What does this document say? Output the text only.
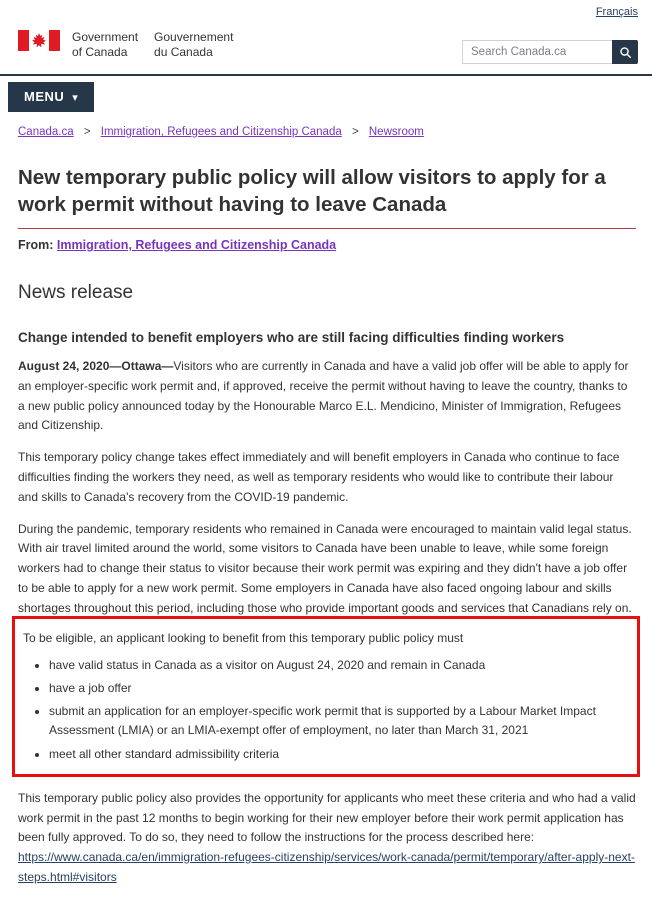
Français
Government
of Canada
Gouvernement
du Canada
Search Canada.ca
MENU ▾
Canada.ca > Immigration, Refugees and Citizenship Canada > Newsroom
New temporary public policy will allow visitors to apply for a work permit without having to leave Canada

From: Immigration, Refugees and Citizenship Canada

News release
Change intended to benefit employers who are still facing difficulties finding workers

August 24, 2020—Ottawa—Visitors who are currently in Canada and have a valid job offer will be able to apply for an employer-specific work permit and, if approved, receive the permit without having to leave the country, thanks to a new public policy announced today by the Honourable Marco E.L. Mendicino, Minister of Immigration, Refugees and Citizenship.

This temporary policy change takes effect immediately and will benefit employers in Canada who continue to face difficulties finding the workers they need, as well as temporary residents who would like to contribute their labour and skills to Canada's recovery from the COVID-19 pandemic.

During the pandemic, temporary residents who remained in Canada were encouraged to maintain valid legal status. With air travel limited around the world, some visitors to Canada have been unable to leave, while some foreign workers had to change their status to visitor because their work permit was expiring and they didn't have a job offer to be able to apply for a new work permit. Some employers in Canada have also faced ongoing labour and skills shortages throughout this period, including those who provide important goods and services that Canadians rely on.

To be eligible, an applicant looking to benefit from this temporary public policy must

• have valid status in Canada as a visitor on August 24, 2020 and remain in Canada
• have a job offer
• submit an application for an employer-specific work permit that is supported by a Labour Market Impact Assessment (LMIA) or an LMIA-exempt offer of employment, no later than March 31, 2021
• meet all other standard admissibility criteria

This temporary public policy also provides the opportunity for applicants who meet these criteria and who had a valid work permit in the past 12 months to begin working for their new employer before their work permit application has been fully approved. To do so, they need to follow the instructions for the process described here: https://www.canada.ca/en/immigration-refugees-citizenship/services/work-canada/permit/temporary/after-apply-next-steps.html#visitors
